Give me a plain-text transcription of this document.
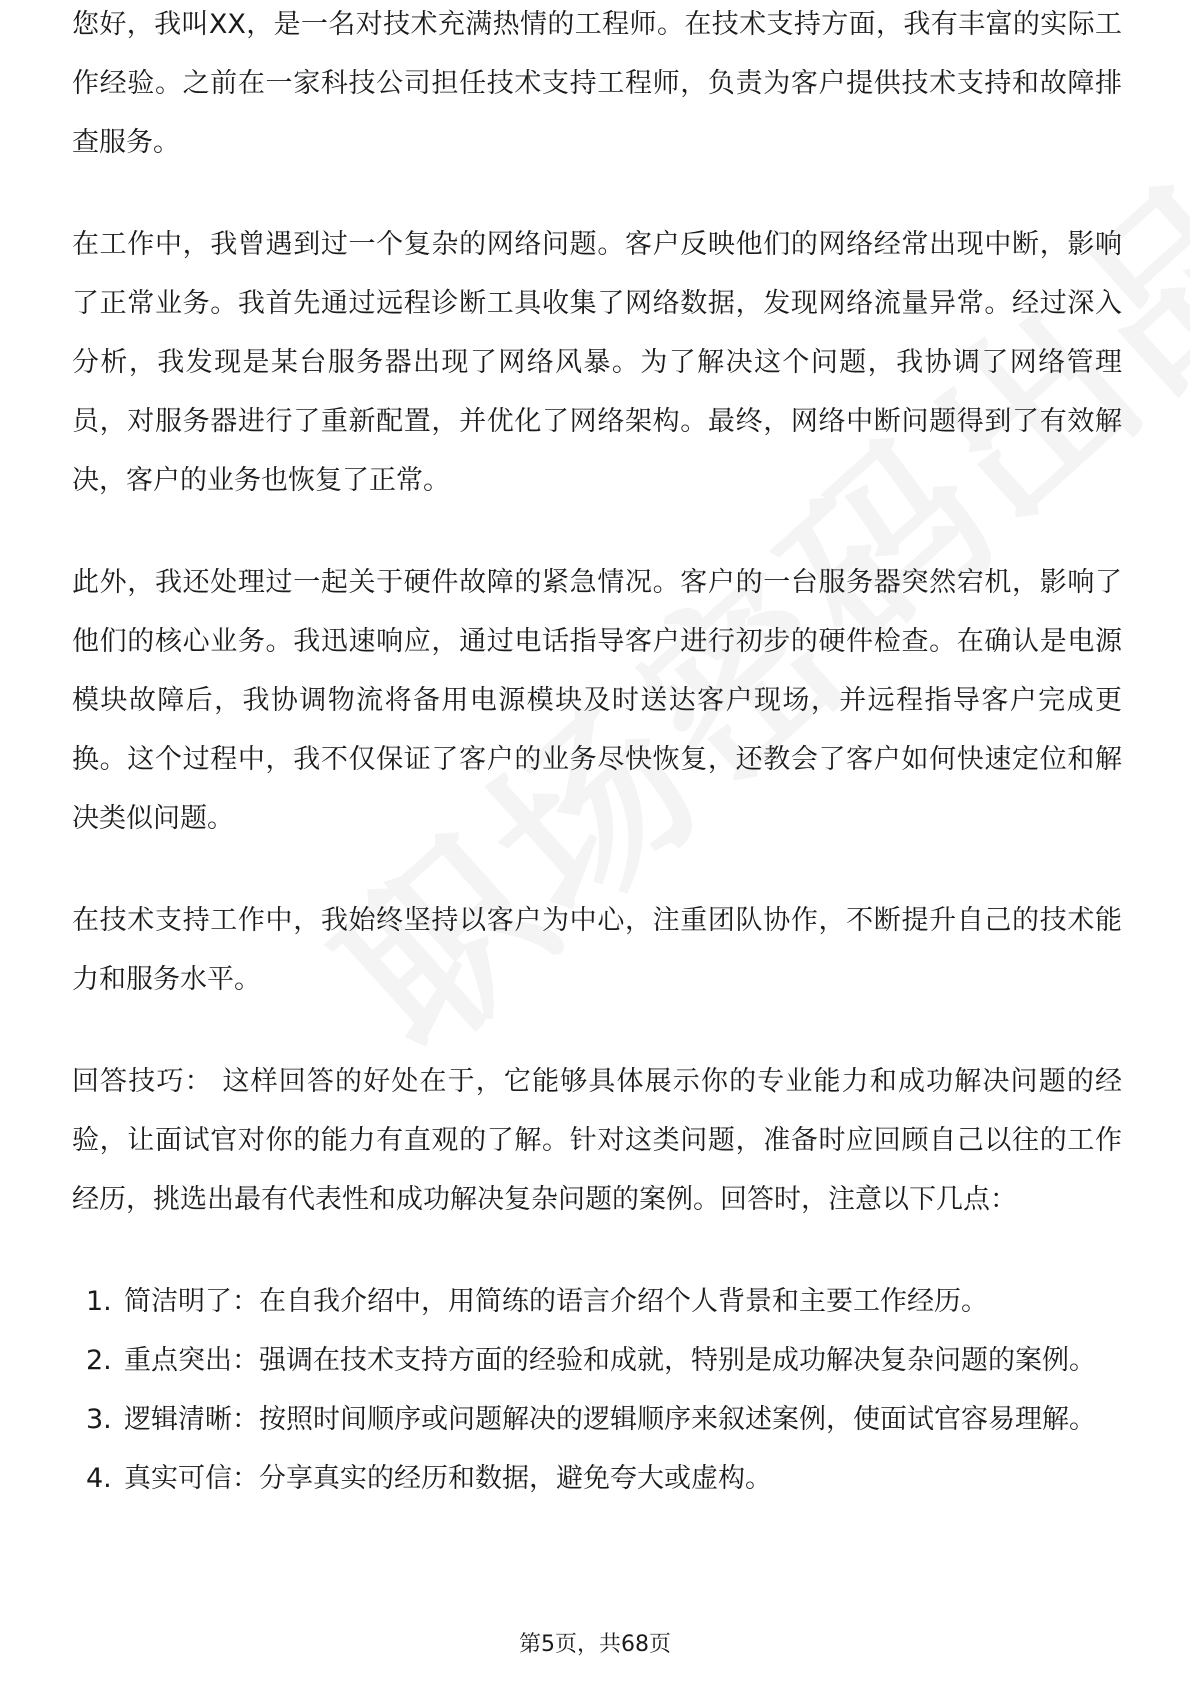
您好，我叫XX，是一名对技术充满热情的工程师。在技术支持方面，我有丰富的实际工作经验。之前在一家科技公司担任技术支持工程师，负责为客户提供技术支持和故障排查服务。

在工作中，我曾遇到过一个复杂的网络问题。客户反映他们的网络经常出现中断，影响了正常业务。我首先通过远程诊断工具收集了网络数据，发现网络流量异常。经过深入分析，我发现是某台服务器出现了网络风暴。为了解决这个问题，我协调了网络管理员，对服务器进行了重新配置，并优化了网络架构。最终，网络中断问题得到了有效解决，客户的业务也恢复了正常。

此外，我还处理过一起关于硬件故障的紧急情况。客户的一台服务器突然宕机，影响了他们的核心业务。我迅速响应，通过电话指导客户进行初步的硬件检查。在确认是电源模块故障后，我协调物流将备用电源模块及时送达客户现场，并远程指导客户完成更换。这个过程中，我不仅保证了客户的业务尽快恢复，还教会了客户如何快速定位和解决类似问题。

在技术支持工作中，我始终坚持以客户为中心，注重团队协作，不断提升自己的技术能力和服务水平。

回答技巧： 这样回答的好处在于，它能够具体展示你的专业能力和成功解决问题的经验，让面试官对你的能力有直观的了解。针对这类问题，准备时应回顾自己以往的工作经历，挑选出最有代表性和成功解决复杂问题的案例。回答时，注意以下几点：

1. 简洁明了：在自我介绍中，用简练的语言介绍个人背景和主要工作经历。
2. 重点突出：强调在技术支持方面的经验和成就，特别是成功解决复杂问题的案例。
3. 逻辑清晰：按照时间顺序或问题解决的逻辑顺序来叙述案例，使面试官容易理解。
4. 真实可信：分享真实的经历和数据，避免夸大或虚构。
第5页，共68页
